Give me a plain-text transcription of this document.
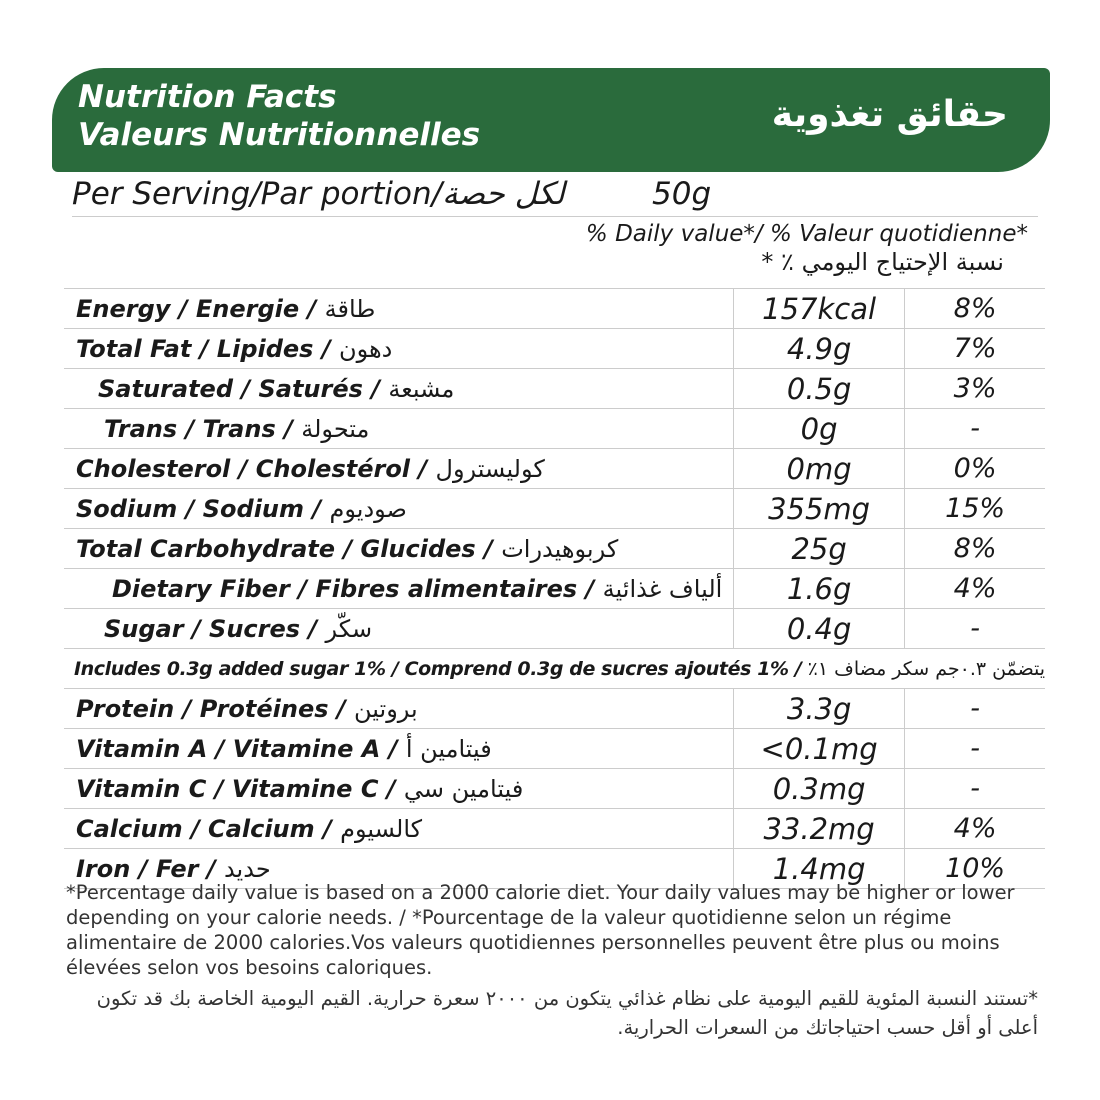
Nutrition Facts
Valeurs Nutritionnelles	حقائق تغذوية
Per Serving/Par portion/لكل حصة	50g
% Daily value*/ % Valeur quotidienne*
نسبة الإحتياج اليومي ٪ *
Energy / Energie / طاقة	157kcal	8%
Total Fat / Lipides / دهون	4.9g	7%
Saturated / Saturés / مشبعة	0.5g	3%
Trans / Trans / متحولة	0g	-
Cholesterol / Cholestérol / كوليسترول	0mg	0%
Sodium / Sodium / صوديوم	355mg	15%
Total Carbohydrate / Glucides / كربوهيدرات	25g	8%
Dietary Fiber / Fibres alimentaires / ألياف غذائية	1.6g	4%
Sugar / Sucres / سكّر	0.4g	-
Includes 0.3g added sugar 1% / Comprend 0.3g de sucres ajoutés 1% / يتضمّن ٠.٣جم سكر مضاف ١٪		
Protein / Protéines / بروتين	3.3g	-
Vitamin A / Vitamine A / فيتامين أ	<0.1mg	-
Vitamin C / Vitamine C / فيتامين سي	0.3mg	-
Calcium / Calcium / كالسيوم	33.2mg	4%
Iron / Fer / حديد	1.4mg	10%
*Percentage daily value is based on a 2000 calorie diet. Your daily values may be higher or lower depending on your calorie needs. / *Pourcentage de la valeur quotidienne selon un régime alimentaire de 2000 calories.Vos valeurs quotidiennes personnelles peuvent être plus ou moins élevées selon vos besoins caloriques.
*تستند النسبة المئوية للقيم اليومية على نظام غذائي يتكون من ٢٠٠٠ سعرة حرارية. القيم اليومية الخاصة بك قد تكون أعلى أو أقل حسب احتياجاتك من السعرات الحرارية.
